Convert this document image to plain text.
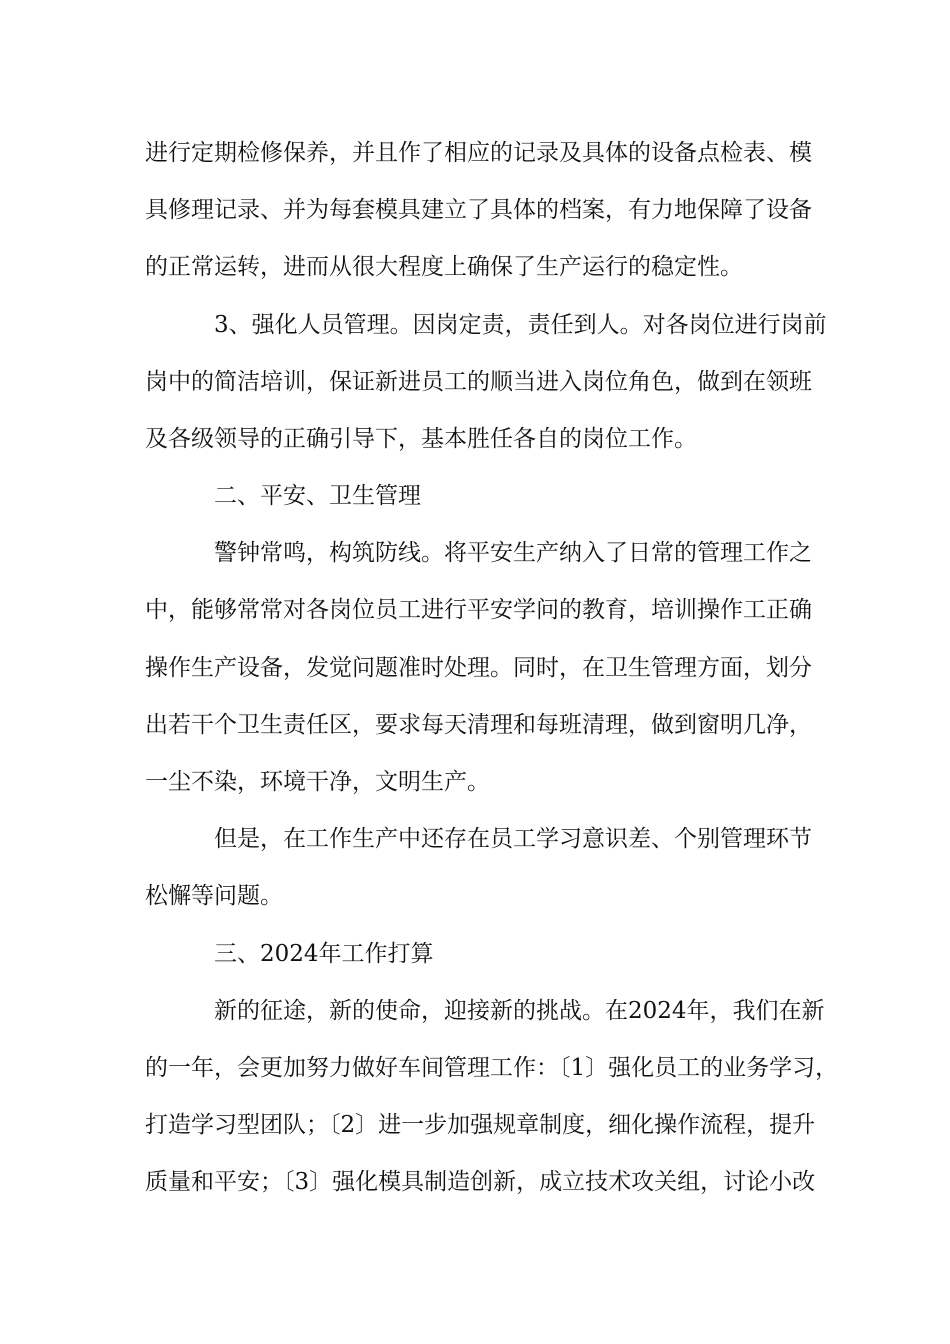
进行定期检修保养，并且作了相应的记录及具体的设备点检表、模
具修理记录、并为每套模具建立了具体的档案，有力地保障了设备
的正常运转，进而从很大程度上确保了生产运行的稳定性。
3、强化人员管理。因岗定责，责任到人。对各岗位进行岗前
岗中的简洁培训，保证新进员工的顺当进入岗位角色，做到在领班
及各级领导的正确引导下，基本胜任各自的岗位工作。
二、平安、卫生管理
警钟常鸣，构筑防线。将平安生产纳入了日常的管理工作之
中，能够常常对各岗位员工进行平安学问的教育，培训操作工正确
操作生产设备，发觉问题准时处理。同时，在卫生管理方面，划分
出若干个卫生责任区，要求每天清理和每班清理，做到窗明几净，
一尘不染，环境干净，文明生产。
但是，在工作生产中还存在员工学习意识差、个别管理环节
松懈等问题。
三、2024年工作打算
新的征途，新的使命，迎接新的挑战。在2024年，我们在新
的一年，会更加努力做好车间管理工作：〔1〕强化员工的业务学习，
打造学习型团队；〔2〕进一步加强规章制度，细化操作流程，提升
质量和平安；〔3〕强化模具制造创新，成立技术攻关组，讨论小改
